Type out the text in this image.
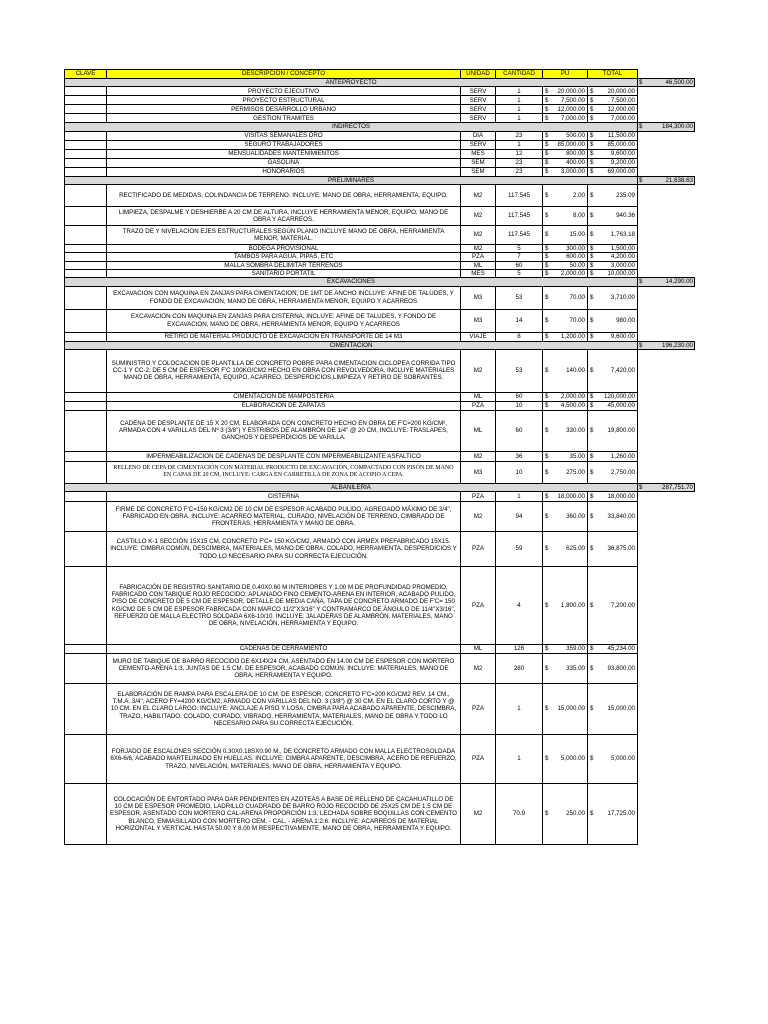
CLAVE	DESCRIPCION / CONCEPTO	UNIDAD	CANTIDAD	PU	TOTAL	
ANTEPROYECTO						$ 46,500.00

	PROYECTO EJECUTIVO	SERV	1	$ 20,000.00	$ 20,000.00	

	PROYECTO ESTRUCTURAL	SERV	1	$ 7,500.00	$ 7,500.00	

	PERMISOS DESARROLLO URBANO	SERV	1	$ 12,000.00	$ 12,000.00	

	GESTION TRAMITES	SERV	1	$ 7,000.00	$ 7,000.00	

INDIRECTOS						$ 184,300.00

	VISITAS SEMANALES DRO	DIA	23	$ 500.00	$ 11,500.00	

	SEGURO TRABAJADORES	SERV	1	$ 85,000.00	$ 85,000.00	

	MENSUALIDADES MANTENIMIENTOS	MES	12	$ 800.00	$ 9,600.00	

	GASOLINA	SEM	23	$ 400.00	$ 9,200.00	

	HONORARIOS	SEM	23	$ 3,000.00	$ 69,000.00	

PRELIMINARES						$ 21,638.63

	RECTIFICADO DE MEDIDAS, COLINDANCIA DE TERRENO. INCLUYE: MANO DE OBRA, HERRAMIENTA, EQUIPO.	M2	117.545	$ 2.00	$ 235.09	

	LIMPIEZA, DESPALME Y DESHIERBE A 20 CM DE ALTURA. INCLUYE HERRAMIENTA MENOR, EQUIPO, MANO DE OBRA Y ACARREOS.	M2	117.545	$ 8.00	$ 940.36	

	TRAZO DE Y NIVELACION EJES ESTRUCTURALES SEGÚN PLANO INCLUYE MANO DE OBRA, HERRAMIENTA MENOR, MATERIAL.	M2	117.545	$ 15.00	$ 1,763.18	

	BODEGA PROVISIONAL	M2	5	$ 300.00	$ 1,500.00	

	TAMBOS PARA AGUA, PIPAS, ETC	PZA	7	$ 600.00	$ 4,200.00	

	MALLA SOMBRA DELIMITAR TERRENOS	ML	60	$ 50.00	$ 3,000.00	

	SANITARIO PORTATIL	MES	5	$ 2,000.00	$ 10,000.00	

EXCAVACIONES						$ 14,290.00

	EXCAVACION CON MAQUINA EN ZANJAS PARA CIMENTACION, DE 1MT DE ANCHO INCLUYE: AFINE DE TALUDES, Y FONDO DE EXCAVACION, MANO DE OBRA, HERRAMIENTA MENOR, EQUIPO Y ACARREOS	M3	53	$ 70.00	$ 3,710.00	

	EXCAVACION CON MAQUINA EN ZANJAS PARA CISTERNA, INCLUYE: AFINE DE TALUDES, Y FONDO DE EXCAVACION, MANO DE OBRA, HERRAMIENTA MENOR, EQUIPO Y ACARREOS	M3	14	$ 70.00	$ 980.00	

	RETIRO DE MATERIAL PRODUCTO DE EXCAVACION EN TRANSPORTE DE 14 M3	VIAJE	8	$ 1,200.00	$ 9,600.00	

CIMENTACIÓN						$ 196,230.00

	SUMINISTRO Y COLOCACION DE PLANTILLA DE CONCRETO POBRE PARA CIMENTACION CICLOPEA CORRIDA TIPO CC-1 Y CC-2, DE 5 CM DE ESPESOR F'C 100KG/CM2 HECHO EN OBRA CON REVOLVEDORA. INCLUYE MATERIALES MANO DE OBRA, HERRAMIENTA, EQUIPO, ACARREO, DESPERDICIOS,LIMPIEZA Y RETIRO DE SOBRANTES.	M2	53	$ 140.00	$ 7,420.00	

	CIMENTACION DE MAMPOSTERIA	ML	60	$ 2,000.00	$ 120,000.00	

	ELABORACION DE ZAPATAS	PZA	10	$ 4,500.00	$ 45,000.00	

	CADENA DE DESPLANTE DE 15 X 20 CM, ELABORADA CON CONCRETO HECHO EN OBRA DE F'C=200 KG/CM², ARMADA CON 4 VARILLAS DEL Nº 3 (3/8") Y ESTRIBOS DE ALAMBRÓN DE 1/4" @ 20 CM, INCLUYE: TRASLAPES, GANCHOS Y DESPERDICIOS DE VARILLA.	ML	60	$ 330.00	$ 19,800.00	

	IMPERMEABILIZACION DE CADENAS DE DESPLANTE CON IMPERMEABILIZANTE ASFALTICO	M2	36	$ 35.00	$ 1,260.00	

	RELLENO DE CEPA DE CIMENTACIÓN CON MATERIAL PRODUCTO DE EXCAVACIÓN, COMPACTADO CON PISÓN DE MANO EN CAPAS DE 20 CM, INCLUYE: CARGA EN CARRETILLA DE ZONA DE ACOPIO A CEPA.	M3	10	$ 275.00	$ 2,750.00	

ALBAÑILERÍA						$ 287,751.70

	CISTERNA	PZA	1	$ 18,000.00	$ 18,000.00	

	FIRME DE CONCRETO F'C=150 KG/CM2 DE 10 CM DE ESPESOR ACABADO PULIDO, AGREGADO MÁXIMO DE 3/4", FABRICADO EN OBRA. INCLUYE: ACARREO MATERIAL, CURADO, NIVELACIÓN DE TERRENO, CIMBRADO DE FRONTERAS, HERRAMIENTA Y MANO DE OBRA.	M2	94	$ 360.00	$ 33,840.00	

	CASTILLO K-1 SECCIÓN 15X15 CM, CONCRETO F'C= 150 KG/CM2, ARMADO CON ARMEX PREFABRICADO 15X15. INCLUYE: CIMBRA COMÚN, DESCIMBRA, MATERIALES, MANO DE OBRA, COLADO, HERRAMIENTA, DESPERDICIOS Y TODO LO NECESARIO PARA SU CORRECTA EJECUCIÓN.	PZA	59	$ 625.00	$ 36,875.00	

	FABRICACIÓN DE REGISTRO SANITARIO DE 0.40X0.60 M INTERIORES Y 1.00 M DE PROFUNDIDAD PROMEDIO, FABRICADO CON TABIQUE ROJO RECOCIDO, APLANADO FINO CEMENTO-ARENA EN INTERIOR, ACABADO PULIDO, PISO DE CONCRETO DE 5 CM DE ESPESOR, DETALLE DE MEDIA CAÑA, TAPA DE CONCRETO ARMADO DE F'C= 150 KG/CM2 DE 5 CM DE ESPESOR FABRICADA CON MARCO 11/2"X3/16" Y CONTRAMARCO DE ÁNGULO DE 11/4"X3/16", REFUERZO DE MALLA ELECTRO SOLDADA 6X6-10/10. INCLUYE: JALADERAS DE ALAMBRÓN, MATERIALES, MANO DE OBRA, NIVELACIÓN, HERRAMIENTA Y EQUIPO.	PZA	4	$ 1,800.00	$ 7,200.00	

	CADENAS DE CERRAMIENTO	ML	126	$ 359.00	$ 45,234.00	

	MURO DE TABIQUE DE BARRO RECOCIDO DE 6X14X24 CM, ASENTADO EN 14.00 CM DE ESPESOR CON MORTERO CEMENTO-ARENA 1:3, JUNTAS DE 1.5 CM. DE ESPESOR, ACABADO COMÚN. INCLUYE: MATERIALES, MANO DE OBRA, HERRAMIENTA Y EQUIPO.	M2	280	$ 335.00	$ 93,800.00	

	ELABORACIÓN DE RAMPA PARA ESCALERA DE 10 CM. DE ESPESOR, CONCRETO F'C=200 KG/CM2 REV. 14 CM., T.M.A. 3/4", ACERO FY=4200 KG/CM2, ARMADO CON VARILLAS DEL NO. 3 (3/8") @ 30 CM. EN EL CLARO CORTO Y @ 10 CM. EN EL CLARO LARGO. INCLUYE: ANCLAJE A PISO Y LOSA, CIMBRA PARA ACABADO APARENTE, DESCIMBRA, TRAZO, HABILITADO, COLADO, CURADO, VIBRADO, HERRAMIENTA, MATERIALES, MANO DE OBRA Y TODO LO NECESARIO PARA SU CORRECTA EJECUCIÓN.	PZA	1	$ 15,000.00	$ 15,000.00	

	FORJADO DE ESCALONES SECCIÓN 0.30X0.18SX0.90 M., DE CONCRETO ARMADO CON MALLA ELECTROSOLDADA 6X6-6/6, ACABADO MARTELINADO EN HUELLAS. INCLUYE: CIMBRA APARENTE, DESCIMBRA, ACERO DE REFUERZO, TRAZO, NIVELACIÓN, MATERIALES, MANO DE OBRA, HERRAMIENTA Y EQUIPO.	PZA	1	$ 5,000.00	$ 5,000.00	

	COLOCACIÓN DE ENTORTADO PARA DAR PENDIENTES EN AZOTEAS A BASE DE RELLENO DE CACAHUATILLO DE 10 CM DE ESPESOR PROMEDIO, LADRILLO CUADRADO DE BARRO ROJO RECOCIDO DE 25X25 CM DE 1.5 CM DE ESPESOR, ASENTADO CON MORTERO CAL-ARENA PROPORCIÓN 1:3, LECHADA SOBRE BOQUILLAS CON CEMENTO BLANCO, ENMASILLADO CON MORTERO CEM. - CAL. - ARENA 1:2:6. INCLUYE: ACARREOS DE MATERIAL HORIZONTAL Y VERTICAL HASTA 50.00 Y 8.00 M RESPECTIVAMENTE, MANO DE OBRA, HERRAMIENTA Y EQUIPO.	M2	70.9	$ 250.00	$ 17,725.00	
